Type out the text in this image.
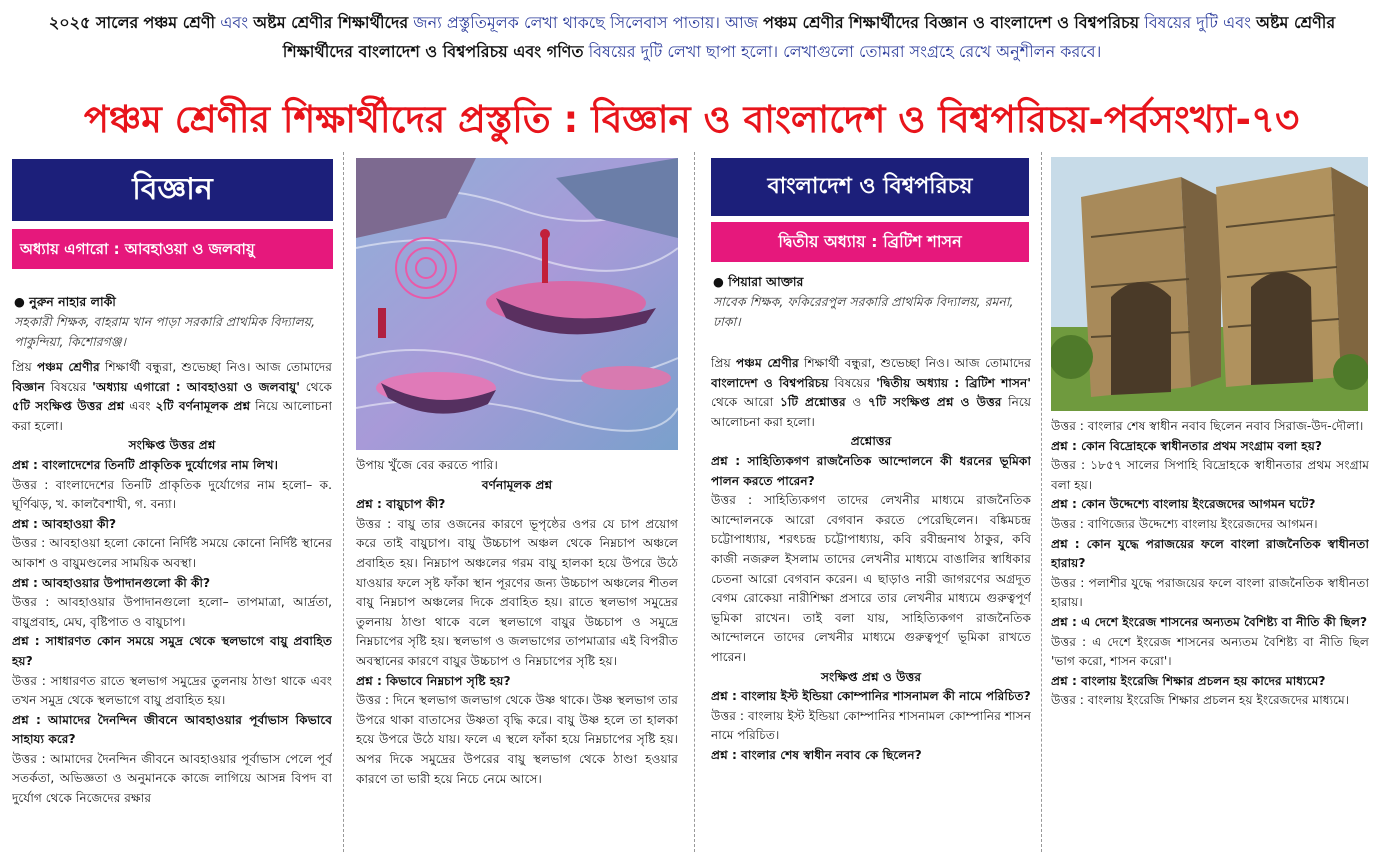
২০২৫ সালের পঞ্চম শ্রেণী এবং অষ্টম শ্রেণীর শিক্ষার্থীদের জন্য প্রস্তুতিমূলক লেখা থাকছে সিলেবাস পাতায়। আজ পঞ্চম শ্রেণীর শিক্ষার্থীদের বিজ্ঞান ও বাংলাদেশ ও বিশ্বপরিচয় বিষয়ের দুটি এবং অষ্টম শ্রেণীর শিক্ষার্থীদের বাংলাদেশ ও বিশ্বপরিচয় এবং গণিত বিষয়ের দুটি লেখা ছাপা হলো। লেখাগুলো তোমরা সংগ্রহে রেখে অনুশীলন করবে।
পঞ্চম শ্রেণীর শিক্ষার্থীদের প্রস্তুতি : বিজ্ঞান ও বাংলাদেশ ও বিশ্বপরিচয়-পর্বসংখ্যা-৭৩
বিজ্ঞান
অধ্যায় এগারো : আবহাওয়া ও জলবায়ু
● নুরুন নাহার লাকী
সহকারী শিক্ষক, বাহরাম খান পাড়া সরকারি প্রাথমিক বিদ্যালয়, পাকুন্দিয়া, কিশোরগঞ্জ।

প্রিয় পঞ্চম শ্রেণীর শিক্ষার্থী বন্ধুরা, শুভেচ্ছা নিও। আজ তোমাদের বিজ্ঞান বিষয়ের 'অধ্যায় এগারো : আবহাওয়া ও জলবায়ু' থেকে ৫টি সংক্ষিপ্ত উত্তর প্রশ্ন এবং ২টি বর্ণনামূলক প্রশ্ন নিয়ে আলোচনা করা হলো।

সংক্ষিপ্ত উত্তর প্রশ্ন

প্রশ্ন : বাংলাদেশের তিনটি প্রাকৃতিক দুর্যোগের নাম লিখ।

উত্তর : বাংলাদেশের তিনটি প্রাকৃতিক দুর্যোগের নাম হলো– ক. ঘূর্ণিঝড়, খ. কালবৈশাখী, গ. বন্যা।

প্রশ্ন : আবহাওয়া কী?

উত্তর : আবহাওয়া হলো কোনো নির্দিষ্ট সময়ে কোনো নির্দিষ্ট স্থানের আকাশ ও বায়ুমণ্ডলের সাময়িক অবস্থা।

প্রশ্ন : আবহাওয়ার উপাদানগুলো কী কী?

উত্তর : আবহাওয়ার উপাদানগুলো হলো– তাপমাত্রা, আর্দ্রতা, বায়ুপ্রবাহ, মেঘ, বৃষ্টিপাত ও বায়ুচাপ।

প্রশ্ন : সাধারণত কোন সময়ে সমুদ্র থেকে স্থলভাগে বায়ু প্রবাহিত হয়?

উত্তর : সাধারণত রাতে স্থলভাগ সমুদ্রের তুলনায় ঠাণ্ডা থাকে এবং তখন সমুদ্র থেকে স্থলভাগে বায়ু প্রবাহিত হয়।

প্রশ্ন : আমাদের দৈনন্দিন জীবনে আবহাওয়ার পূর্বাভাস কিভাবে সাহায্য করে?

উত্তর : আমাদের দৈনন্দিন জীবনে আবহাওয়ার পূর্বাভাস পেলে পূর্ব সতর্কতা, অভিজ্ঞতা ও অনুমানকে কাজে লাগিয়ে আসন্ন বিপদ বা দুর্যোগ থেকে নিজেদের রক্ষার

উপায় খুঁজে বের করতে পারি।

বর্ণনামূলক প্রশ্ন

প্রশ্ন : বায়ুচাপ কী?

উত্তর : বায়ু তার ওজনের কারণে ভূপৃষ্ঠের ওপর যে চাপ প্রয়োগ করে তাই বায়ুচাপ। বায়ু উচ্চচাপ অঞ্চল থেকে নিম্নচাপ অঞ্চলে প্রবাহিত হয়। নিম্নচাপ অঞ্চলের গরম বায়ু হালকা হয়ে উপরে উঠে যাওয়ার ফলে সৃষ্ট ফাঁকা স্থান পূরণের জন্য উচ্চচাপ অঞ্চলের শীতল বায়ু নিম্নচাপ অঞ্চলের দিকে প্রবাহিত হয়। রাতে স্থলভাগ সমুদ্রের তুলনায় ঠাণ্ডা থাকে বলে স্থলভাগে বায়ুর উচ্চচাপ ও সমুদ্রে নিম্নচাপের সৃষ্টি হয়। স্থলভাগ ও জলভাগের তাপমাত্রার এই বিপরীত অবস্থানের কারণে বায়ুর উচ্চচাপ ও নিম্নচাপের সৃষ্টি হয়।

প্রশ্ন : কিভাবে নিম্নচাপ সৃষ্টি হয়?

উত্তর : দিনে স্থলভাগ জলভাগ থেকে উষ্ণ থাকে। উষ্ণ স্থলভাগ তার উপরে থাকা বাতাসের উষ্ণতা বৃদ্ধি করে। বায়ু উষ্ণ হলে তা হালকা হয়ে উপরে উঠে যায়। ফলে এ স্থলে ফাঁকা হয়ে নিম্নচাপের সৃষ্টি হয়। অপর দিকে সমুদ্রের উপরের বায়ু স্থলভাগ থেকে ঠাণ্ডা হওয়ার কারণে তা ভারী হয়ে নিচে নেমে আসে।

বাংলাদেশ ও বিশ্বপরিচয়
দ্বিতীয় অধ্যায় : ব্রিটিশ শাসন
● পিয়ারা আক্তার
সাবেক শিক্ষক, ফকিরেরপুল সরকারি প্রাথমিক বিদ্যালয়, রমনা, ঢাকা।

প্রিয় পঞ্চম শ্রেণীর শিক্ষার্থী বন্ধুরা, শুভেচ্ছা নিও। আজ তোমাদের বাংলাদেশ ও বিশ্বপরিচয় বিষয়ের 'দ্বিতীয় অধ্যায় : ব্রিটিশ শাসন' থেকে আরো ১টি প্রশ্নোত্তর ও ৭টি সংক্ষিপ্ত প্রশ্ন ও উত্তর নিয়ে আলোচনা করা হলো।

প্রশ্নোত্তর

প্রশ্ন : সাহিত্যিকগণ রাজনৈতিক আন্দোলনে কী ধরনের ভূমিকা পালন করতে পারেন?

উত্তর : সাহিত্যিকগণ তাদের লেখনীর মাধ্যমে রাজনৈতিক আন্দোলনকে আরো বেগবান করতে পেরেছিলেন। বঙ্কিমচন্দ্র চট্টোপাধ্যায়, শরৎচন্দ্র চট্টোপাধ্যায়, কবি রবীন্দ্রনাথ ঠাকুর, কবি কাজী নজরুল ইসলাম তাদের লেখনীর মাধ্যমে বাঙালির স্বাধিকার চেতনা আরো বেগবান করেন। এ ছাড়াও নারী জাগরণের অগ্রদূত বেগম রোকেয়া নারীশিক্ষা প্রসারে তার লেখনীর মাধ্যমে গুরুত্বপূর্ণ ভূমিকা রাখেন। তাই বলা যায়, সাহিত্যিকগণ রাজনৈতিক আন্দোলনে তাদের লেখনীর মাধ্যমে গুরুত্বপূর্ণ ভূমিকা রাখতে পারেন।

সংক্ষিপ্ত প্রশ্ন ও উত্তর

প্রশ্ন : বাংলায় ইস্ট ইন্ডিয়া কোম্পানির শাসনামল কী নামে পরিচিত?

উত্তর : বাংলায় ইস্ট ইন্ডিয়া কোম্পানির শাসনামল কোম্পানির শাসন নামে পরিচিত।

প্রশ্ন : বাংলার শেষ স্বাধীন নবাব কে ছিলেন?

উত্তর : বাংলার শেষ স্বাধীন নবাব ছিলেন নবাব সিরাজ-উদ-দৌলা।

প্রশ্ন : কোন বিদ্রোহকে স্বাধীনতার প্রথম সংগ্রাম বলা হয়?

উত্তর : ১৮৫৭ সালের সিপাহি বিদ্রোহকে স্বাধীনতার প্রথম সংগ্রাম বলা হয়।

প্রশ্ন : কোন উদ্দেশ্যে বাংলায় ইংরেজদের আগমন ঘটে?

উত্তর : বাণিজ্যের উদ্দেশ্যে বাংলায় ইংরেজদের আগমন।

প্রশ্ন : কোন যুদ্ধে পরাজয়ের ফলে বাংলা রাজনৈতিক স্বাধীনতা হারায়?

উত্তর : পলাশীর যুদ্ধে পরাজয়ের ফলে বাংলা রাজনৈতিক স্বাধীনতা হারায়।

প্রশ্ন : এ দেশে ইংরেজ শাসনের অন্যতম বৈশিষ্ট্য বা নীতি কী ছিল?

উত্তর : এ দেশে ইংরেজ শাসনের অন্যতম বৈশিষ্ট্য বা নীতি ছিল 'ভাগ করো, শাসন করো'।

প্রশ্ন : বাংলায় ইংরেজি শিক্ষার প্রচলন হয় কাদের মাধ্যমে?

উত্তর : বাংলায় ইংরেজি শিক্ষার প্রচলন হয় ইংরেজদের মাধ্যমে।
